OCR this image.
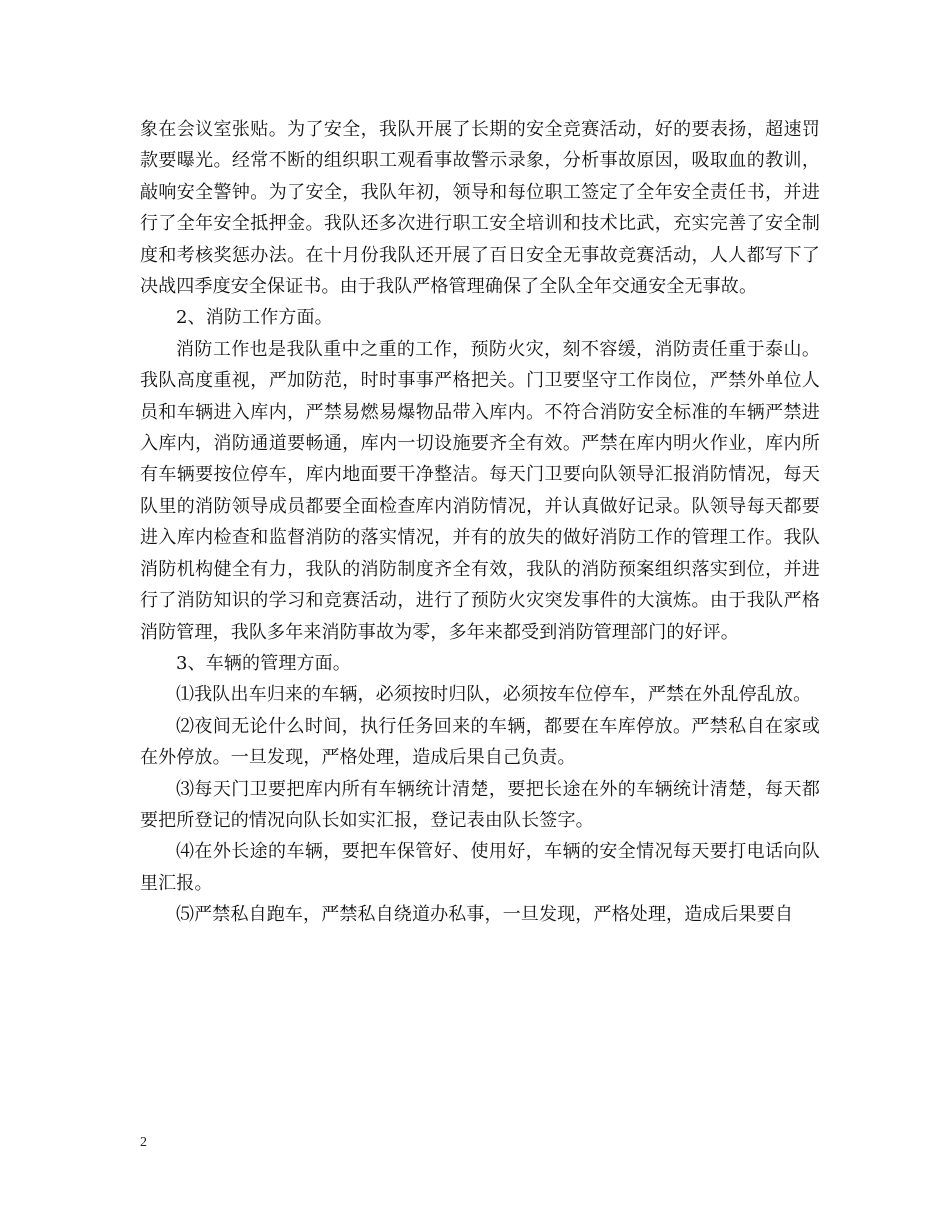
象在会议室张贴。为了安全，我队开展了长期的安全竞赛活动，好的要表扬，超速罚款要曝光。经常不断的组织职工观看事故警示录象，分析事故原因，吸取血的教训，敲响安全警钟。为了安全，我队年初，领导和每位职工签定了全年安全责任书，并进行了全年安全抵押金。我队还多次进行职工安全培训和技术比武，充实完善了安全制度和考核奖惩办法。在十月份我队还开展了百日安全无事故竞赛活动，人人都写下了决战四季度安全保证书。由于我队严格管理确保了全队全年交通安全无事故。

2、消防工作方面。

消防工作也是我队重中之重的工作，预防火灾，刻不容缓，消防责任重于泰山。我队高度重视，严加防范，时时事事严格把关。门卫要坚守工作岗位，严禁外单位人员和车辆进入库内，严禁易燃易爆物品带入库内。不符合消防安全标准的车辆严禁进入库内，消防通道要畅通，库内一切设施要齐全有效。严禁在库内明火作业，库内所有车辆要按位停车，库内地面要干净整洁。每天门卫要向队领导汇报消防情况，每天队里的消防领导成员都要全面检查库内消防情况，并认真做好记录。队领导每天都要进入库内检查和监督消防的落实情况，并有的放失的做好消防工作的管理工作。我队消防机构健全有力，我队的消防制度齐全有效，我队的消防预案组织落实到位，并进行了消防知识的学习和竞赛活动，进行了预防火灾突发事件的大演炼。由于我队严格消防管理，我队多年来消防事故为零，多年来都受到消防管理部门的好评。

3、车辆的管理方面。

⑴我队出车归来的车辆，必须按时归队，必须按车位停车，严禁在外乱停乱放。

⑵夜间无论什么时间，执行任务回来的车辆，都要在车库停放。严禁私自在家或在外停放。一旦发现，严格处理，造成后果自己负责。

⑶每天门卫要把库内所有车辆统计清楚，要把长途在外的车辆统计清楚，每天都要把所登记的情况向队长如实汇报，登记表由队长签字。

⑷在外长途的车辆，要把车保管好、使用好，车辆的安全情况每天要打电话向队里汇报。

⑸严禁私自跑车，严禁私自绕道办私事，一旦发现，严格处理，造成后果要自

2
